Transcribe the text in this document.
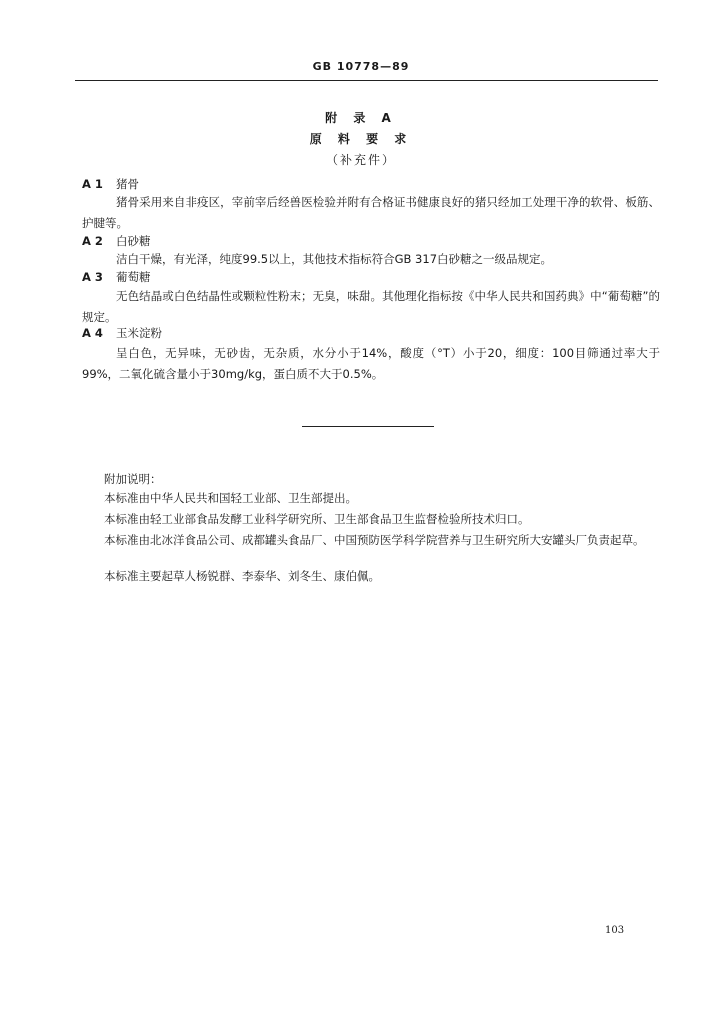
GB 10778—89
附 录 A
原 料 要 求
（补充件）
A 1 猪骨
猪骨采用来自非疫区，宰前宰后经兽医检验并附有合格证书健康良好的猪只经加工处理干净的软骨、板筋、护腱等。
A 2 白砂糖
洁白干燥，有光泽，纯度99.5以上，其他技术指标符合GB 317白砂糖之一级品规定。
A 3 葡萄糖
无色结晶或白色结晶性或颗粒性粉末；无臭，味甜。其他理化指标按《中华人民共和国药典》中“葡萄糖”的规定。
A 4 玉米淀粉
呈白色，无异味，无砂齿，无杂质，水分小于14%，酸度（°T）小于20，细度：100目筛通过率大于99%，二氧化硫含量小于30mg/kg，蛋白质不大于0.5%。
附加说明：
本标准由中华人民共和国轻工业部、卫生部提出。
本标准由轻工业部食品发酵工业科学研究所、卫生部食品卫生监督检验所技术归口。
本标准由北冰洋食品公司、成都罐头食品厂、中国预防医学科学院营养与卫生研究所大安罐头厂负责起草。
本标准主要起草人杨锐群、李泰华、刘冬生、康伯佩。
103
